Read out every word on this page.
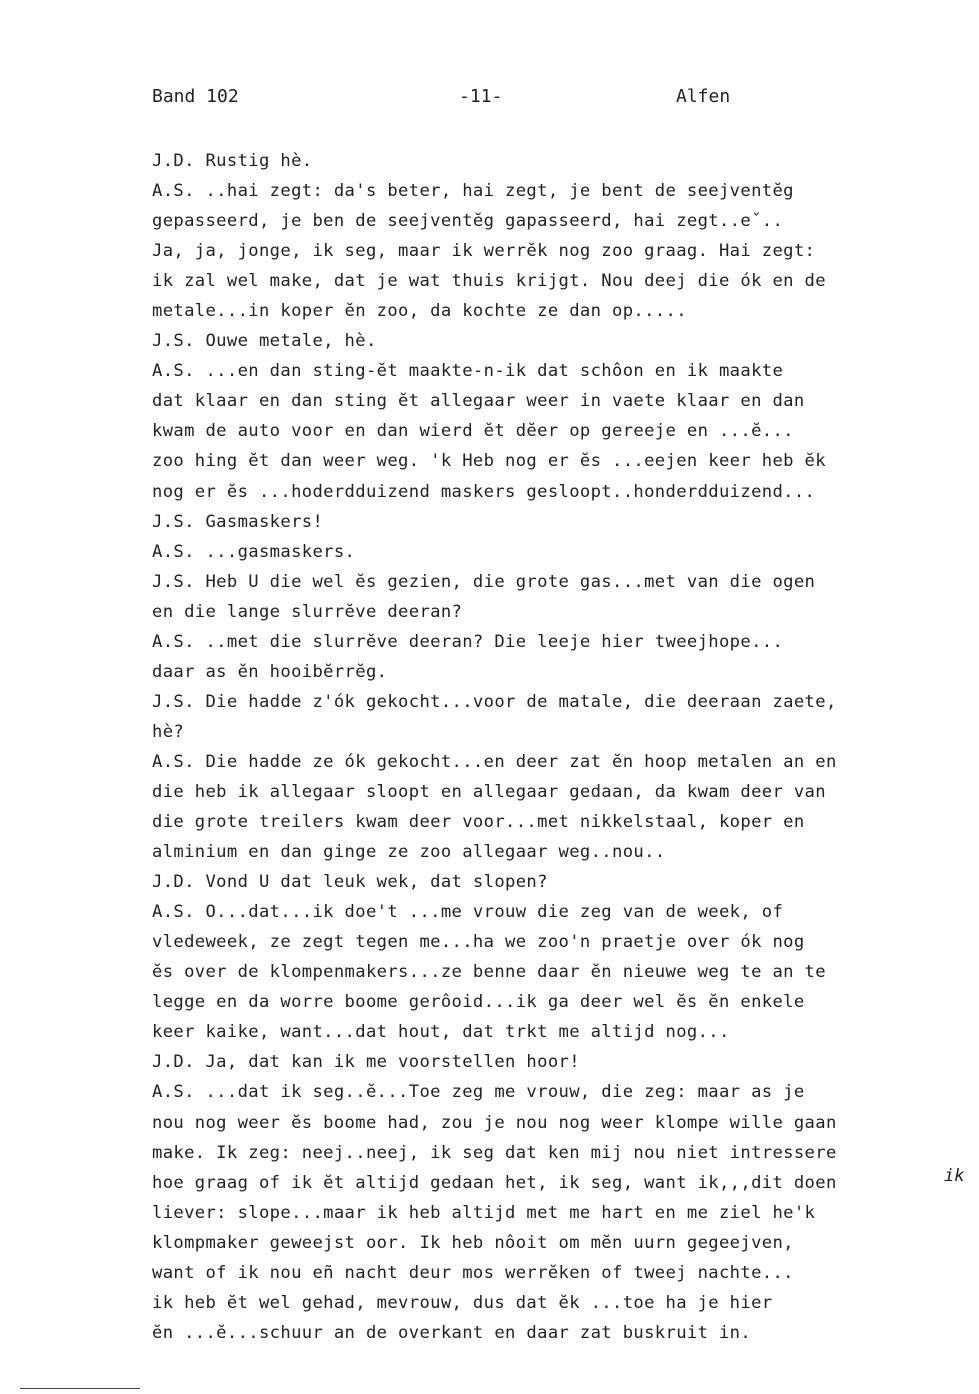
Band 102	-11-	Alfen
J.D. Rustig hè.
A.S. ..hai zegt: da's beter, hai zegt, je bent de seejventĕg
gepasseerd, je ben de seejventĕg gapasseerd, hai zegt..eˇ..
Ja, ja, jonge, ik seg, maar ik werrĕk nog zoo graag. Hai zegt:
ik zal wel make, dat je wat thuis krijgt. Nou deej die ók en de
metale...in koper ĕn zoo, da kochte ze dan op.....
J.S. Ouwe metale, hè.
A.S. ...en dan sting-ĕt maakte-n-ik dat schôon en ik maakte
dat klaar en dan sting ĕt allegaar weer in vaete klaar en dan
kwam de auto voor en dan wierd ĕt dĕer op gereeje en ...ĕ...
zoo hing ĕt dan weer weg. 'k Heb nog er ĕs ...eejen keer heb ĕk
nog er ĕs ...hoderdduizend maskers gesloopt..honderdduizend...
J.S. Gasmaskers!
A.S. ...gasmaskers.
J.S. Heb U die wel ĕs gezien, die grote gas...met van die ogen
en die lange slurrĕve deeran?
A.S. ..met die slurrĕve deeran? Die leeje hier tweejhope...
daar as ĕn hooibĕrrĕg.
J.S. Die hadde z'ók gekocht...voor de matale, die deeraan zaete,
hè?
A.S. Die hadde ze ók gekocht...en deer zat ĕn hoop metalen an en
die heb ik allegaar sloopt en allegaar gedaan, da kwam deer van
die grote treilers kwam deer voor...met nikkelstaal, koper en
alminium en dan ginge ze zoo allegaar weg..nou..
J.D. Vond U dat leuk wek, dat slopen?
A.S. O...dat...ik doe't ...me vrouw die zeg van de week, of
vledeweek, ze zegt tegen me...ha we zoo'n praetje over ók nog
ĕs over de klompenmakers...ze benne daar ĕn nieuwe weg te an te
legge en da worre boome gerôoid...ik ga deer wel ĕs ĕn enkele
keer kaike, want...dat hout, dat trkt me altijd nog...
J.D. Ja, dat kan ik me voorstellen hoor!
A.S. ...dat ik seg..ĕ...Toe zeg me vrouw, die zeg: maar as je
nou nog weer ĕs boome had, zou je nou nog weer klompe wille gaan
make. Ik zeg: neej..neej, ik seg dat ken mij nou niet intressere
hoe graag of ik ĕt altijd gedaan het, ik seg, want ik,,,dit doen
liever: slope...maar ik heb altijd met me hart en me ziel he'k
klompmaker geweejst oor. Ik heb nôoit om mĕn uurn gegeejven,
want of ik nou eñ nacht deur mos werrĕken of tweej nachte...
ik heb ĕt wel gehad, mevrouw, dus dat ĕk ...toe ha je hier
ĕn ...ĕ...schuur an de overkant en daar zat buskruit in.
ik
